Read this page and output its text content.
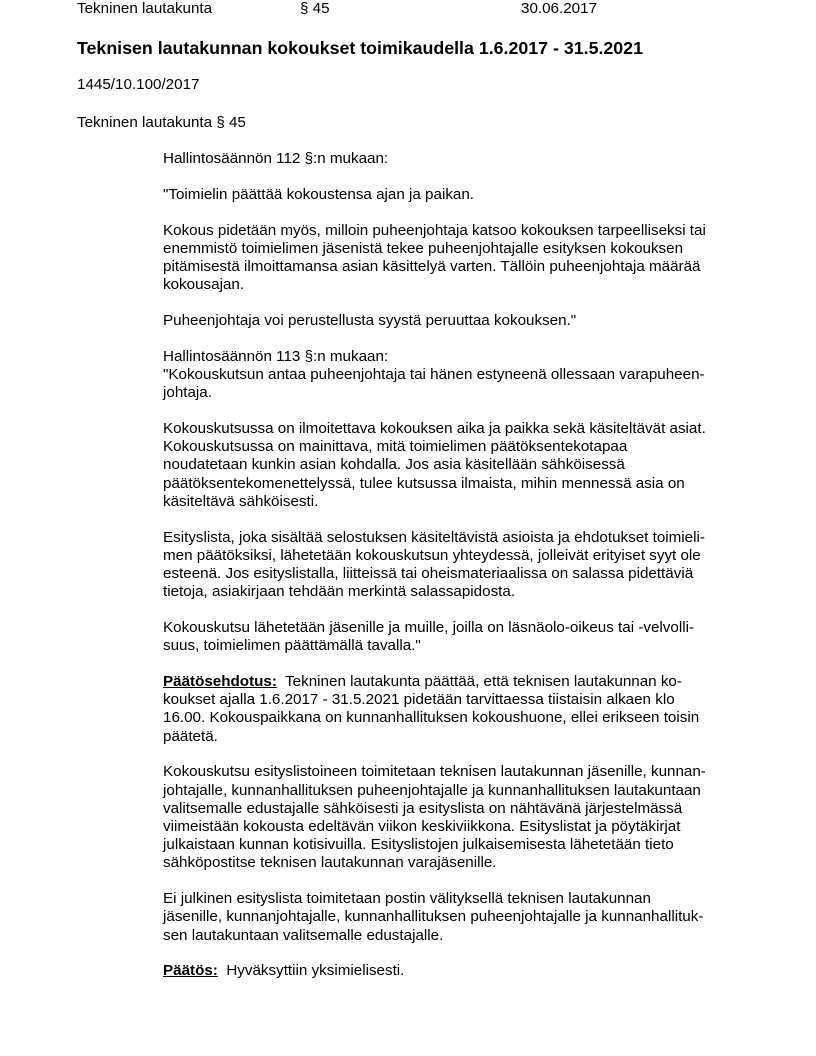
Tekninen lautakunta	§ 45	30.06.2017
Teknisen lautakunnan kokoukset toimikaudella 1.6.2017 - 31.5.2021
1445/10.100/2017
Tekninen lautakunta § 45
Hallintosäännön 112 §:n mukaan:
"Toimielin päättää kokoustensa ajan ja paikan.
Kokous pidetään myös, milloin puheenjohtaja katsoo kokouksen tarpeelliseksi tai
enemmistö toimielimen jäsenistä tekee puheenjohtajalle esityksen kokouksen
pitämisestä ilmoittamansa asian käsittelyä varten. Tällöin puheenjohtaja määrää
kokousajan.
Puheenjohtaja voi perustellusta syystä peruuttaa kokouksen."
Hallintosäännön 113 §:n mukaan:
"Kokouskutsun antaa puheenjohtaja tai hänen estyneenä ollessaan varapuheen-
johtaja.
Kokouskutsussa on ilmoitettava kokouksen aika ja paikka sekä käsiteltävät asiat.
Kokouskutsussa on mainittava, mitä toimielimen päätöksentekotapaa
noudatetaan kunkin asian kohdalla. Jos asia käsitellään sähköisessä
päätöksentekomenettelyssä, tulee kutsussa ilmaista, mihin mennessä asia on
käsiteltävä sähköisesti.
Esityslista, joka sisältää selostuksen käsiteltävistä asioista ja ehdotukset toimieli-
men päätöksiksi, lähetetään kokouskutsun yhteydessä, jolleivät erityiset syyt ole
esteenä. Jos esityslistalla, liitteissä tai oheismateriaalissa on salassa pidettäviä
tietoja, asiakirjaan tehdään merkintä salassapidosta.
Kokouskutsu lähetetään jäsenille ja muille, joilla on läsnäolo-oikeus tai -velvolli-
suus, toimielimen päättämällä tavalla."
Päätösehdotus: Tekninen lautakunta päättää, että teknisen lautakunnan ko-
koukset ajalla 1.6.2017 - 31.5.2021 pidetään tarvittaessa tiistaisin alkaen klo
16.00. Kokouspaikkana on kunnanhallituksen kokoushuone, ellei erikseen toisin
päätetä.
Kokouskutsu esityslistoineen toimitetaan teknisen lautakunnan jäsenille, kunnan-
johtajalle, kunnanhallituksen puheenjohtajalle ja kunnanhallituksen lautakuntaan
valitsemalle edustajalle sähköisesti ja esityslista on nähtävänä järjestelmässä
viimeistään kokousta edeltävän viikon keskiviikkona. Esityslistat ja pöytäkirjat
julkaistaan kunnan kotisivuilla. Esityslistojen julkaisemisesta lähetetään tieto
sähköpostitse teknisen lautakunnan varajäsenille.
Ei julkinen esityslista toimitetaan postin välityksellä teknisen lautakunnan
jäsenille, kunnanjohtajalle, kunnanhallituksen puheenjohtajalle ja kunnanhallituk-
sen lautakuntaan valitsemalle edustajalle.
Päätös: Hyväksyttiin yksimielisesti.
